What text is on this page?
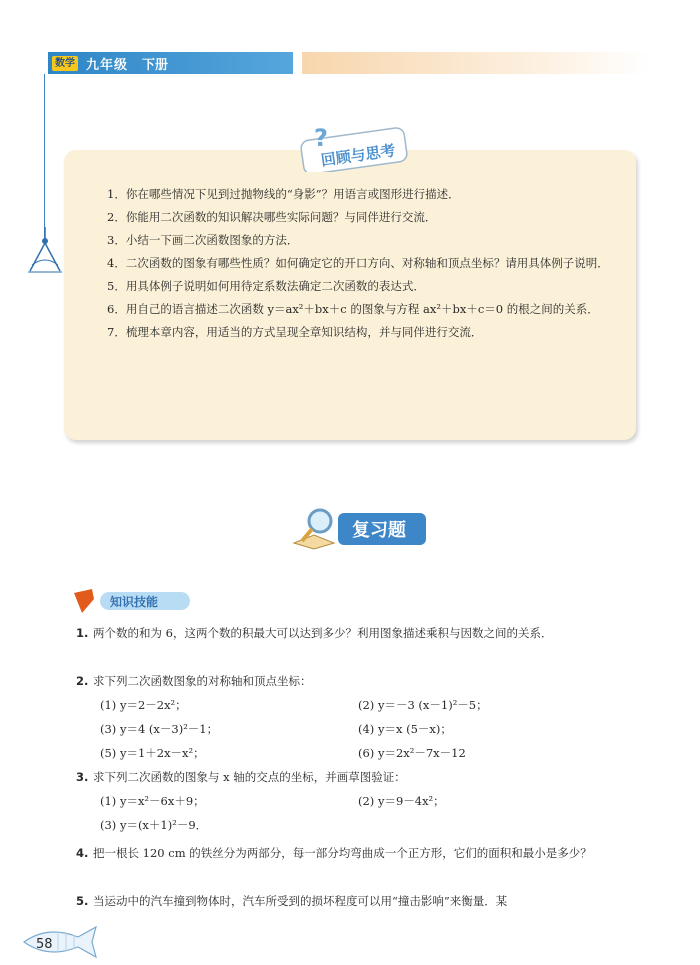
数学 九年级 下册
?
回顾与思考
1．你在哪些情况下见到过抛物线的“身影”？用语言或图形进行描述．
2．你能用二次函数的知识解决哪些实际问题？与同伴进行交流．
3．小结一下画二次函数图象的方法．
4．二次函数的图象有哪些性质？如何确定它的开口方向、对称轴和顶点坐标？请用具体例子说明．
5．用具体例子说明如何用待定系数法确定二次函数的表达式．
6．用自己的语言描述二次函数 y＝ax²＋bx＋c 的图象与方程 ax²＋bx＋c＝0 的根之间的关系．
7．梳理本章内容，用适当的方式呈现全章知识结构，并与同伴进行交流．
复习题
知识技能
1. 两个数的和为 6，这两个数的积最大可以达到多少？利用图象描述乘积与因数之间的关系．
2. 求下列二次函数图象的对称轴和顶点坐标：
(1) y＝2－2x²；	(2) y＝－3 (x－1)²－5；
(3) y＝4 (x－3)²－1；	(4) y＝x (5－x)；
(5) y＝1＋2x－x²；	(6) y＝2x²－7x－12
3. 求下列二次函数的图象与 x 轴的交点的坐标，并画草图验证：
(1) y＝x²－6x＋9；	(2) y＝9－4x²；
(3) y＝(x＋1)²－9．
4. 把一根长 120 cm 的铁丝分为两部分，每一部分均弯曲成一个正方形，它们的面积和最小是多少？
5. 当运动中的汽车撞到物体时，汽车所受到的损坏程度可以用“撞击影响”来衡量．某
58
